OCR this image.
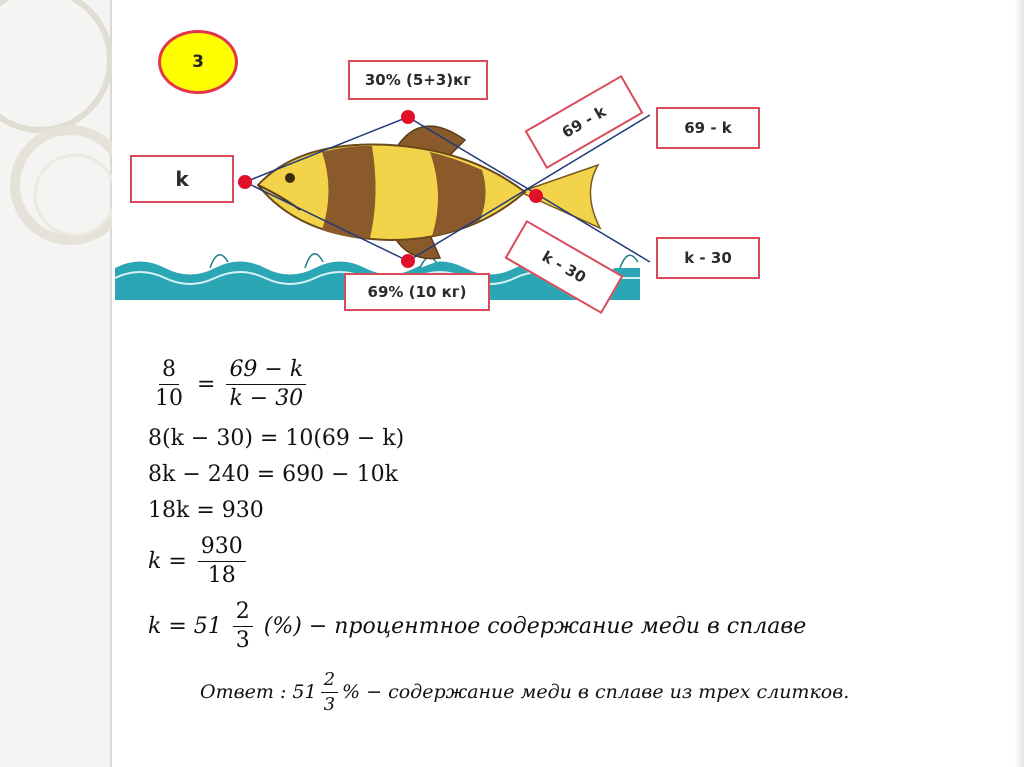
3
k
30% (5+3)кг
69% (10 кг)
69 - k
k - 30
69 - k
k - 30
$\frac{8}{10} = \frac{69 - k}{k - 30}$
8(k − 30) = 10(69 − k)
8k − 240 = 690 − 10k
18k = 930
$k = \frac{930}{18}$
$k = 51 \frac{2}{3}$ (%) − процентное содержание меди в сплаве
Ответ : $51 \frac{2}{3}$ % − содержание меди в сплаве из трех слитков.
